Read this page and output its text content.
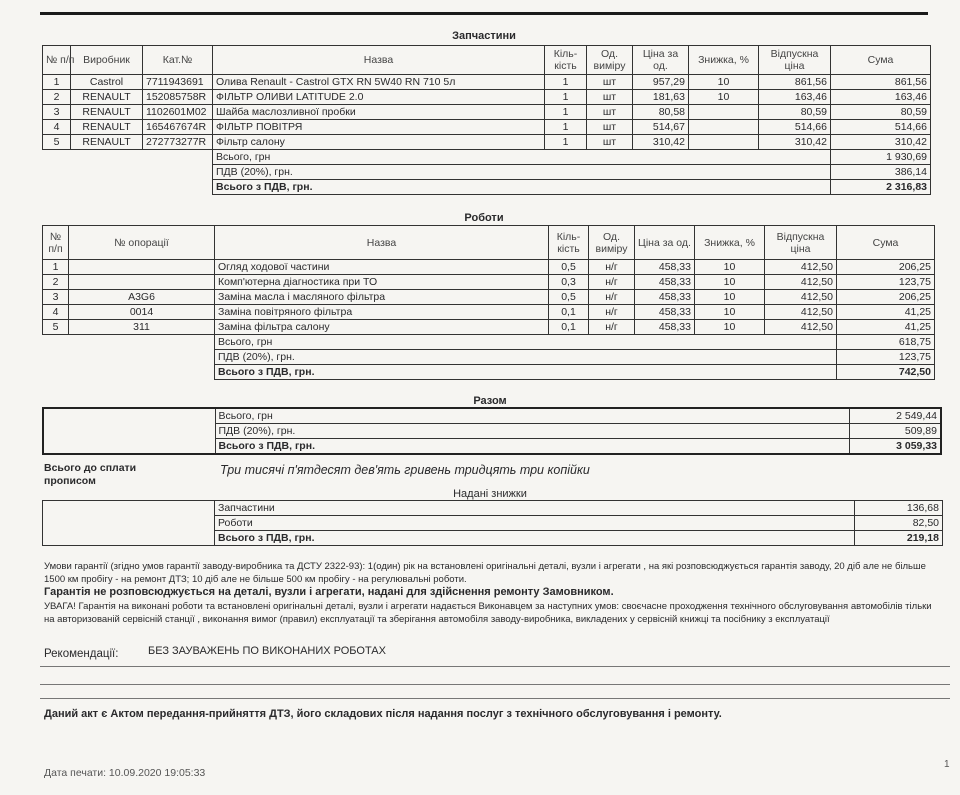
Запчастини
№ п/п	Виробник	Кат.№	Назва	Кіль-кість	Од. виміру	Ціна за од.	Знижка, %	Відпускна ціна	Сума
1	Castrol	7711943691	Олива Renault - Castrol GTX RN 5W40 RN 710 5л	1	шт	957,29	10	861,56	861,56
2	RENAULT	152085758R	ФІЛЬТР ОЛИВИ LATITUDE 2.0	1	шт	181,63	10	163,46	163,46
3	RENAULT	1102601M02	Шайба маслозливної пробки	1	шт	80,58		80,59	80,59
4	RENAULT	165467674R	ФІЛЬТР ПОВІТРЯ	1	шт	514,67		514,66	514,66
5	RENAULT	272773277R	Фільтр салону	1	шт	310,42		310,42	310,42
			Всього, грн						1 930,69
			ПДВ (20%), грн.						386,14
			Всього з ПДВ, грн.						2 316,83
Роботи
№ п/п	№ опорації	Назва	Кіль-кість	Од. виміру	Ціна за од.	Знижка, %	Відпускна ціна	Сума
1		Огляд ходової частини	0,5	н/г	458,33	10	412,50	206,25
2		Комп'ютерна діагностика при ТО	0,3	н/г	458,33	10	412,50	123,75
3	A3G6	Заміна масла і масляного фільтра	0,5	н/г	458,33	10	412,50	206,25
4	0014	Заміна повітряного фільтра	0,1	н/г	458,33	10	412,50	41,25
5	311	Заміна фільтра салону	0,1	н/г	458,33	10	412,50	41,25
		Всього, грн						618,75
		ПДВ (20%), грн.						123,75
		Всього з ПДВ, грн.						742,50
Разом
	Всього, грн	2 549,44
	ПДВ (20%), грн.	509,89
	Всього з ПДВ, грн.	3 059,33
Всього до сплати прописом
Три тисячі п'ятдесят дев'ять гривень тридцять три копійки
Надані знижки
	Запчастини	136,68
	Роботи	82,50
	Всього з ПДВ, грн.	219,18
Умови гарантії (згідно умов гарантії заводу-виробника та ДСТУ 2322-93): 1(один) рік на встановлені оригінальні деталі, вузли і агрегати , на які розповсюджується гарантія заводу, 20 діб але не більше 1500 км пробігу - на ремонт ДТЗ; 10 діб але не більше 500 км пробігу - на регулювальні роботи.
Гарантія не розповсюджується на деталі, вузли і агрегати, надані для здійснення ремонту Замовником.
УВАГА! Гарантія на виконані роботи та встановлені оригінальні деталі, вузли і агрегати надається Виконавцем за наступних умов: своєчасне проходження технічного обслуговування автомобілів тільки на авторизованій сервісній станції , виконання вимог (правил) експлуатації та зберігання автомобіля заводу-виробника, викладених у сервісній книжці та посібнику з експлуатації
Рекомендації:	БЕЗ ЗАУВАЖЕНЬ ПО ВИКОНАНИХ РОБОТАХ
Даний акт є Актом передання-прийняття ДТЗ, його складових після надання послуг з технічного обслуговування і ремонту.
Дата печати: 10.09.2020 19:05:33
1
